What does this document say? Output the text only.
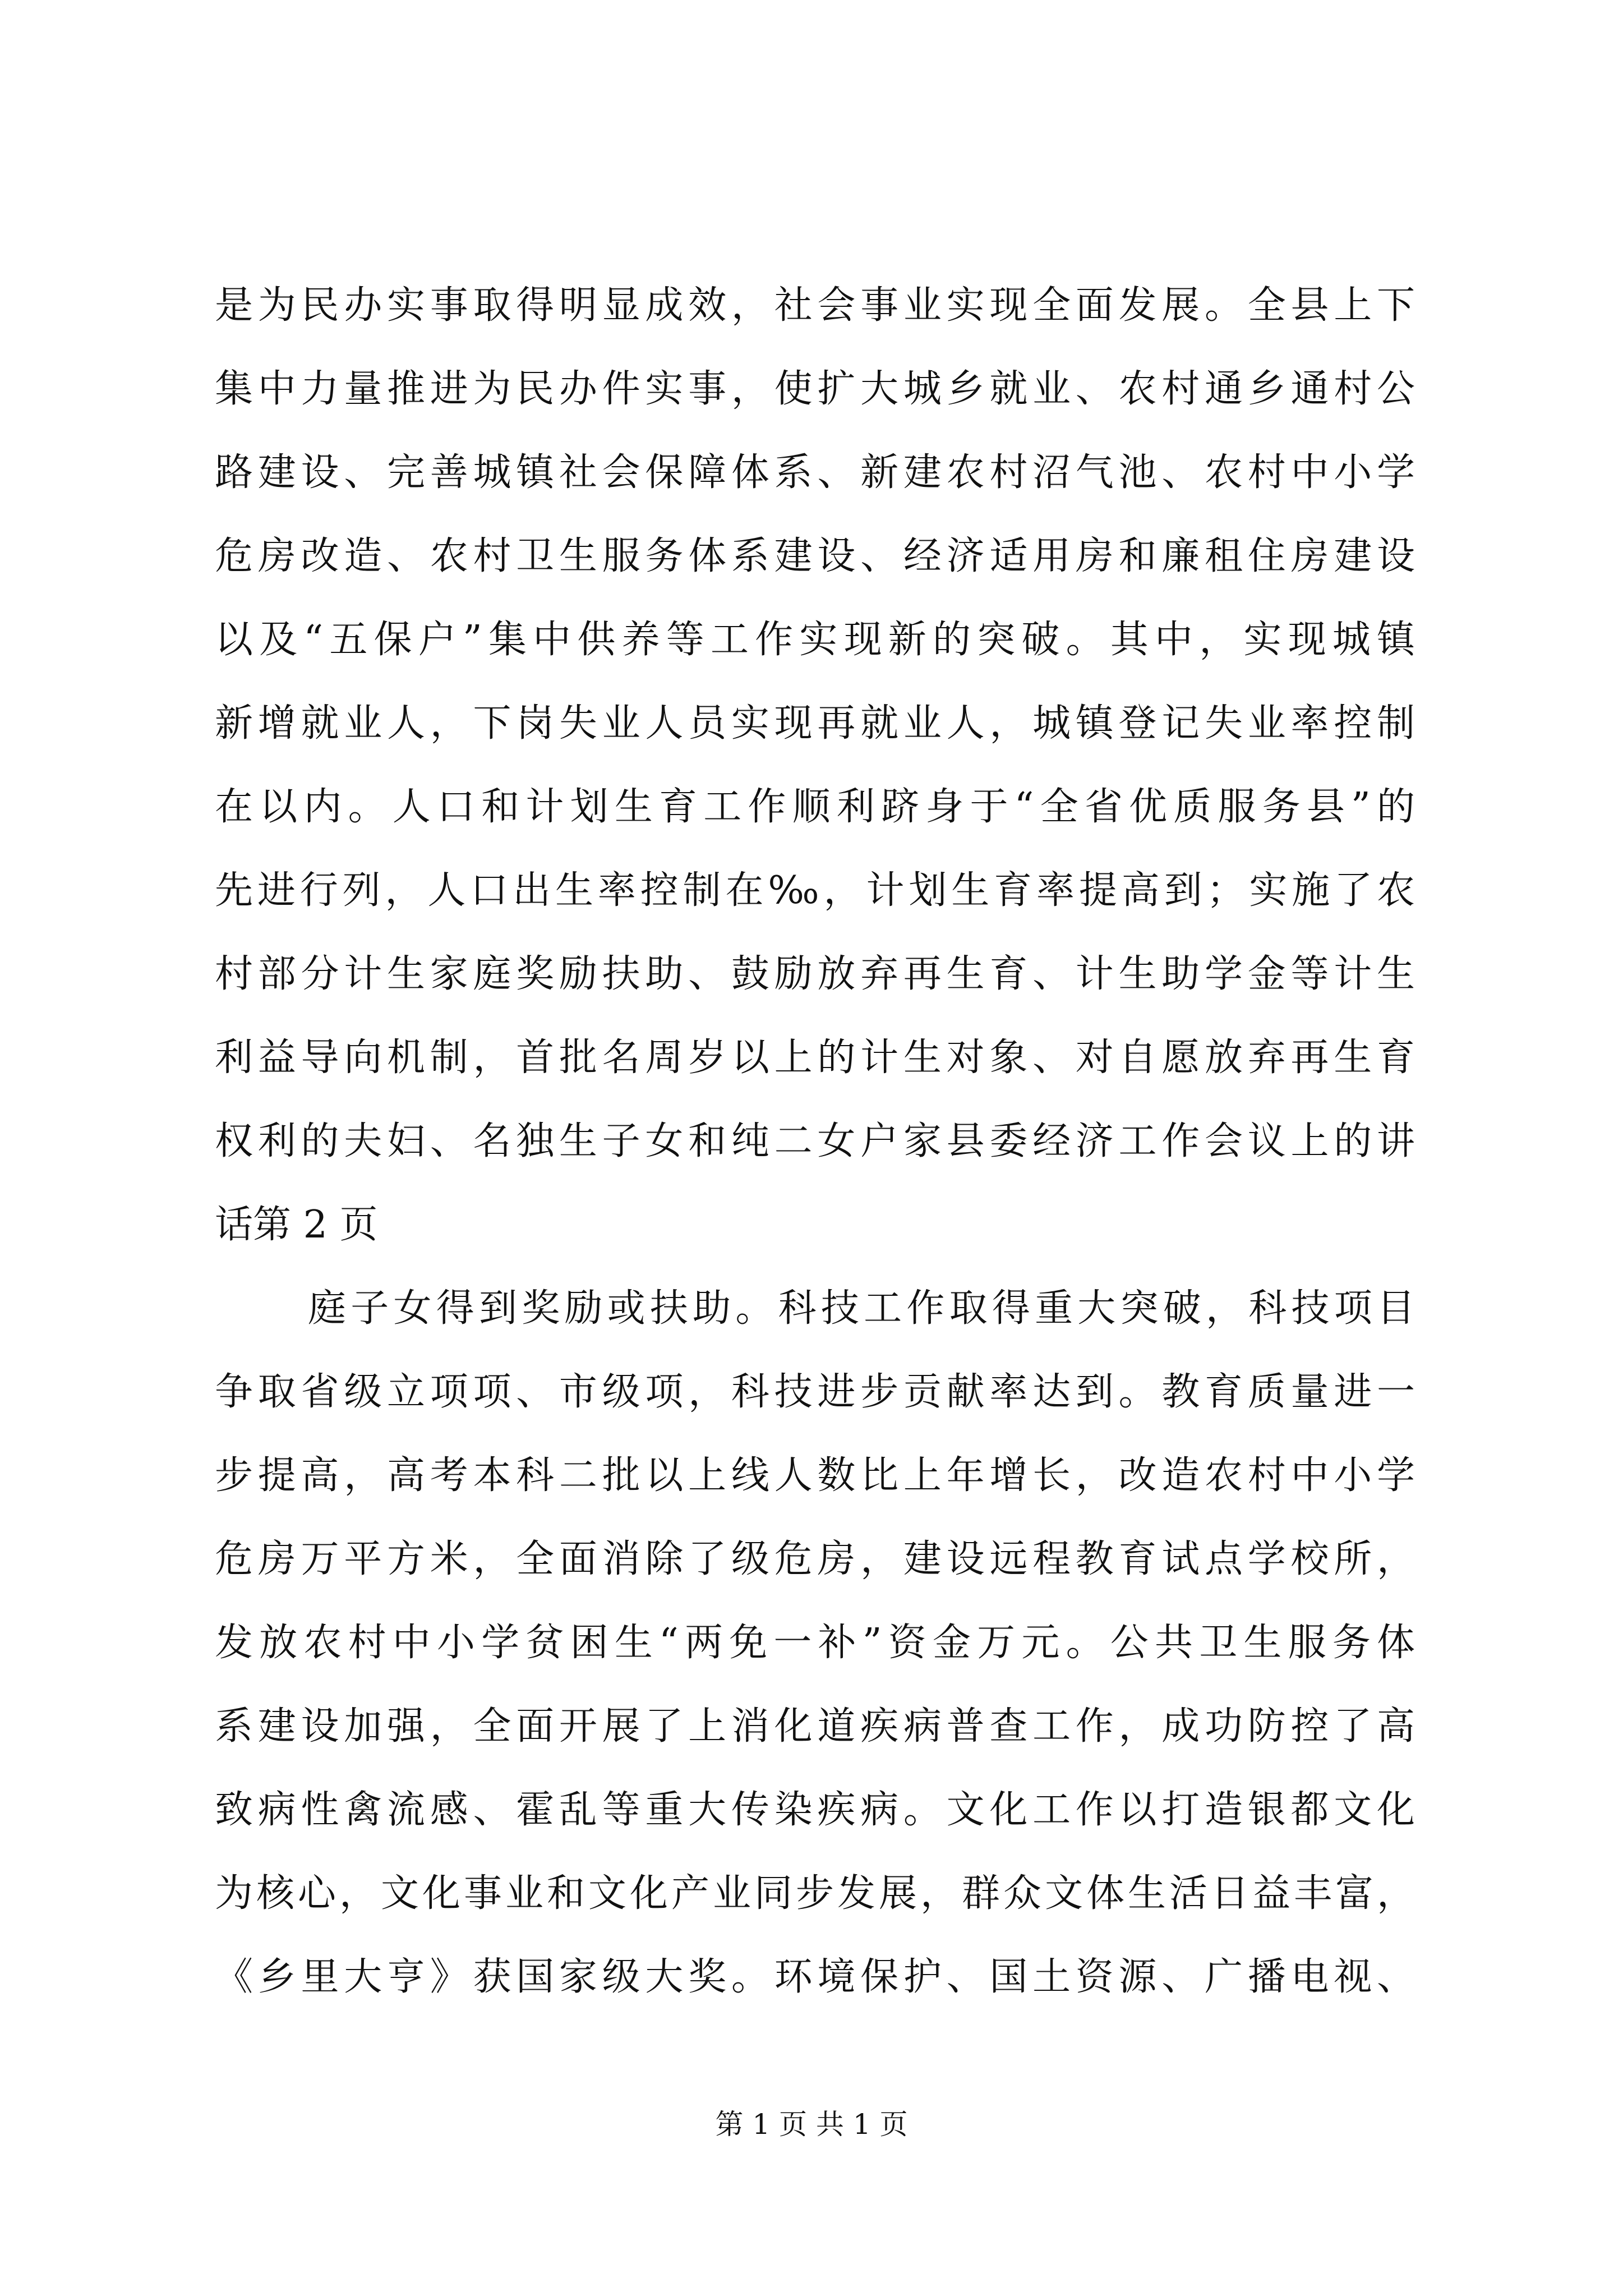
是为民办实事取得明显成效，社会事业实现全面发展。全县上下
集中力量推进为民办件实事，使扩大城乡就业、农村通乡通村公
路建设、完善城镇社会保障体系、新建农村沼气池、农村中小学
危房改造、农村卫生服务体系建设、经济适用房和廉租住房建设
以及“五保户”集中供养等工作实现新的突破。其中，实现城镇
新增就业人，下岗失业人员实现再就业人，城镇登记失业率控制
在以内。人口和计划生育工作顺利跻身于“全省优质服务县”的
先进行列，人口出生率控制在‰，计划生育率提高到；实施了农
村部分计生家庭奖励扶助、鼓励放弃再生育、计生助学金等计生
利益导向机制，首批名周岁以上的计生对象、对自愿放弃再生育
权利的夫妇、名独生子女和纯二女户家县委经济工作会议上的讲
话第 2 页
庭子女得到奖励或扶助。科技工作取得重大突破，科技项目
争取省级立项项、市级项，科技进步贡献率达到。教育质量进一
步提高，高考本科二批以上线人数比上年增长，改造农村中小学
危房万平方米，全面消除了级危房，建设远程教育试点学校所，
发放农村中小学贫困生“两免一补”资金万元。公共卫生服务体
系建设加强，全面开展了上消化道疾病普查工作，成功防控了高
致病性禽流感、霍乱等重大传染疾病。文化工作以打造银都文化
为核心，文化事业和文化产业同步发展，群众文体生活日益丰富，
《乡里大亨》获国家级大奖。环境保护、国土资源、广播电视、
第 1 页 共 1 页
